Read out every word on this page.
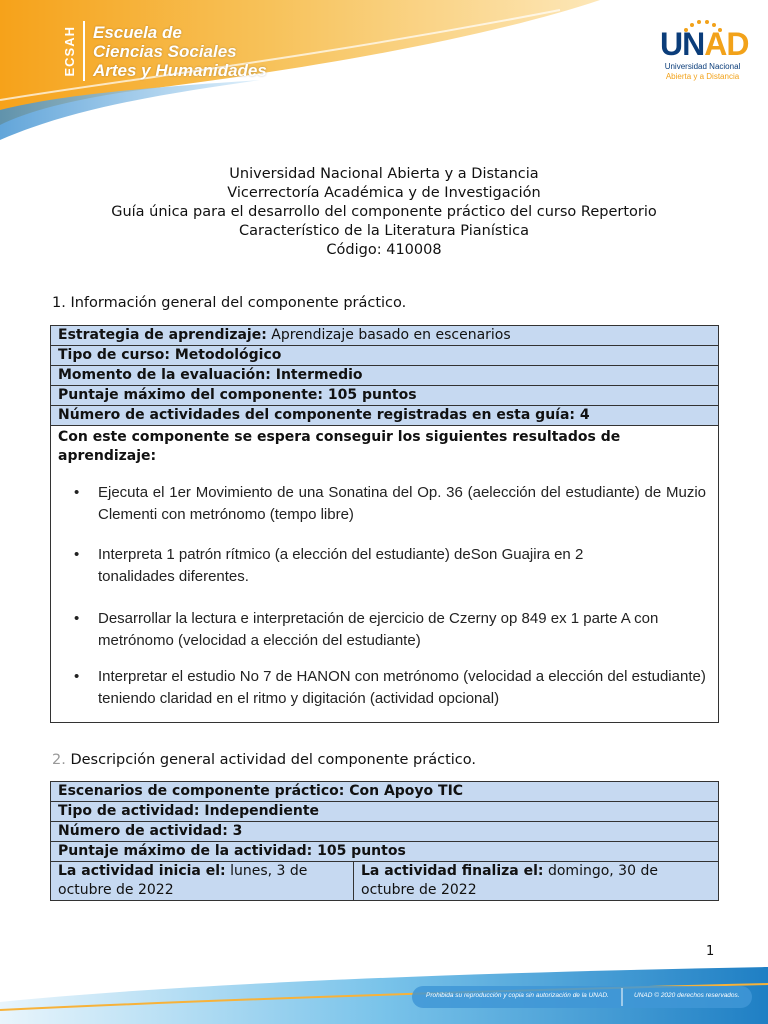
ECSAH Escuela de
Ciencias Sociales
Artes y Humanidades
UNAD
Universidad Nacional
Abierta y a Distancia
Universidad Nacional Abierta y a Distancia
Vicerrectoría Académica y de Investigación
Guía única para el desarrollo del componente práctico del curso Repertorio
Característico de la Literatura Pianística
Código: 410008
1. Información general del componente práctico.
Estrategia de aprendizaje: Aprendizaje basado en escenarios
Tipo de curso: Metodológico
Momento de la evaluación: Intermedio
Puntaje máximo del componente: 105 puntos
Número de actividades del componente registradas en esta guía: 4

Con este componente se espera conseguir los siguientes resultados de aprendizaje:
• Ejecuta el 1er Movimiento de una Sonatina del Op. 36 (aelección del estudiante) de Muzio Clementi con metrónomo (tempo libre)
• Interpreta 1 patrón rítmico (a elección del estudiante) deSon Guajira en 2 tonalidades diferentes.
• Desarrollar la lectura e interpretación de ejercicio de Czerny op 849 ex 1 parte A con metrónomo (velocidad a elección del estudiante)
• Interpretar el estudio No 7 de HANON con metrónomo (velocidad a elección del estudiante) teniendo claridad en el ritmo y digitación (actividad opcional)
2. Descripción general actividad del componente práctico.
Escenarios de componente práctico: Con Apoyo TIC
Tipo de actividad: Independiente
Número de actividad: 3
Puntaje máximo de la actividad: 105 puntos
La actividad inicia el: lunes, 3 de octubre de 2022	La actividad finaliza el: domingo, 30 de octubre de 2022
1
Prohibida su reproducción y copia sin autorización de la UNAD.	UNAD © 2020 derechos reservados.
